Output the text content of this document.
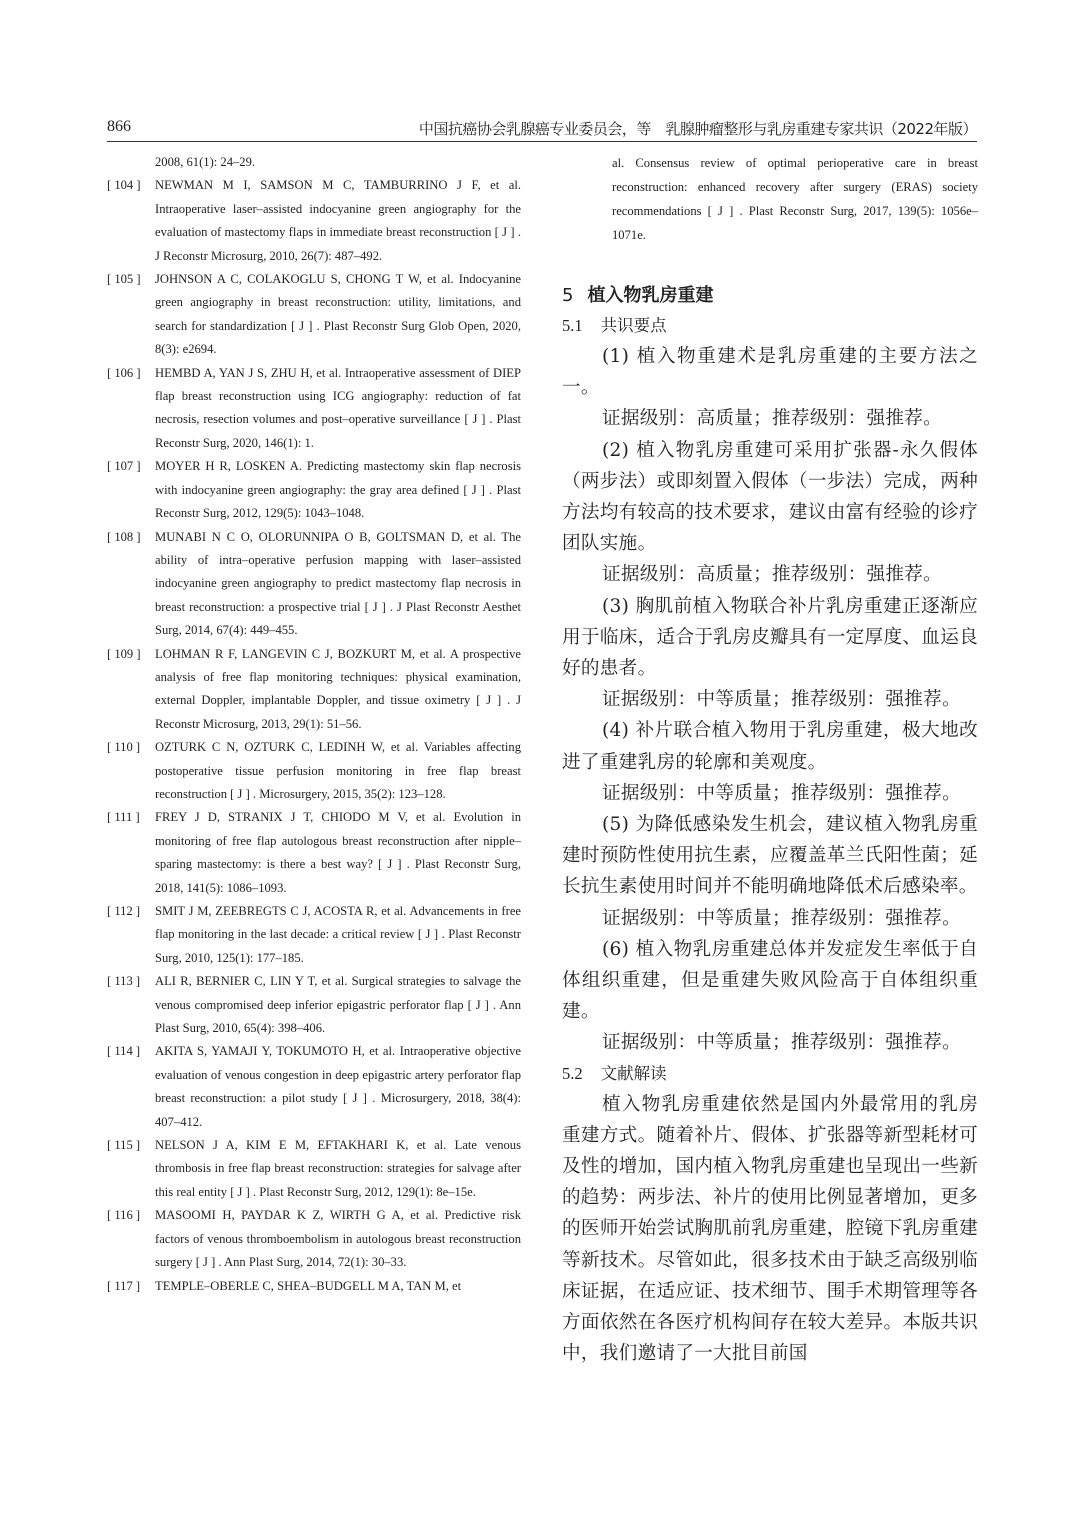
866	中国抗癌协会乳腺癌专业委员会，等　乳腺肿瘤整形与乳房重建专家共识（2022年版）
2008, 61(1): 24–29.
[ 104 ] NEWMAN M I, SAMSON M C, TAMBURRINO J F, et al. Intraoperative laser–assisted indocyanine green angiography for the evaluation of mastectomy flaps in immediate breast reconstruction [ J ] . J Reconstr Microsurg, 2010, 26(7): 487–492.
[ 105 ] JOHNSON A C, COLAKOGLU S, CHONG T W, et al. Indocyanine green angiography in breast reconstruction: utility, limitations, and search for standardization [ J ] . Plast Reconstr Surg Glob Open, 2020, 8(3): e2694.
[ 106 ] HEMBD A, YAN J S, ZHU H, et al. Intraoperative assessment of DIEP flap breast reconstruction using ICG angiography: reduction of fat necrosis, resection volumes and post–operative surveillance [ J ] . Plast Reconstr Surg, 2020, 146(1): 1.
[ 107 ] MOYER H R, LOSKEN A. Predicting mastectomy skin flap necrosis with indocyanine green angiography: the gray area defined [ J ] . Plast Reconstr Surg, 2012, 129(5): 1043–1048.
[ 108 ] MUNABI N C O, OLORUNNIPA O B, GOLTSMAN D, et al. The ability of intra–operative perfusion mapping with laser–assisted indocyanine green angiography to predict mastectomy flap necrosis in breast reconstruction: a prospective trial [ J ] . J Plast Reconstr Aesthet Surg, 2014, 67(4): 449–455.
[ 109 ] LOHMAN R F, LANGEVIN C J, BOZKURT M, et al. A prospective analysis of free flap monitoring techniques: physical examination, external Doppler, implantable Doppler, and tissue oximetry [ J ] . J Reconstr Microsurg, 2013, 29(1): 51–56.
[ 110 ] OZTURK C N, OZTURK C, LEDINH W, et al. Variables affecting postoperative tissue perfusion monitoring in free flap breast reconstruction [ J ] . Microsurgery, 2015, 35(2): 123–128.
[ 111 ] FREY J D, STRANIX J T, CHIODO M V, et al. Evolution in monitoring of free flap autologous breast reconstruction after nipple–sparing mastectomy: is there a best way? [ J ] . Plast Reconstr Surg, 2018, 141(5): 1086–1093.
[ 112 ] SMIT J M, ZEEBREGTS C J, ACOSTA R, et al. Advancements in free flap monitoring in the last decade: a critical review [ J ] . Plast Reconstr Surg, 2010, 125(1): 177–185.
[ 113 ] ALI R, BERNIER C, LIN Y T, et al. Surgical strategies to salvage the venous compromised deep inferior epigastric perforator flap [ J ] . Ann Plast Surg, 2010, 65(4): 398–406.
[ 114 ] AKITA S, YAMAJI Y, TOKUMOTO H, et al. Intraoperative objective evaluation of venous congestion in deep epigastric artery perforator flap breast reconstruction: a pilot study [ J ] . Microsurgery, 2018, 38(4): 407–412.
[ 115 ] NELSON J A, KIM E M, EFTAKHARI K, et al. Late venous thrombosis in free flap breast reconstruction: strategies for salvage after this real entity [ J ] . Plast Reconstr Surg, 2012, 129(1): 8e–15e.
[ 116 ] MASOOMI H, PAYDAR K Z, WIRTH G A, et al. Predictive risk factors of venous thromboembolism in autologous breast reconstruction surgery [ J ] . Ann Plast Surg, 2014, 72(1): 30–33.
[ 117 ] TEMPLE–OBERLE C, SHEA–BUDGELL M A, TAN M, et
al. Consensus review of optimal perioperative care in breast reconstruction: enhanced recovery after surgery (ERAS) society recommendations [ J ] . Plast Reconstr Surg, 2017, 139(5): 1056e–1071e.
5 植入物乳房重建
5.1 共识要点
(1) 植入物重建术是乳房重建的主要方法之一。
证据级别：高质量；推荐级别：强推荐。
(2) 植入物乳房重建可采用扩张器-永久假体（两步法）或即刻置入假体（一步法）完成，两种方法均有较高的技术要求，建议由富有经验的诊疗团队实施。
证据级别：高质量；推荐级别：强推荐。
(3) 胸肌前植入物联合补片乳房重建正逐渐应用于临床，适合于乳房皮瓣具有一定厚度、血运良好的患者。
证据级别：中等质量；推荐级别：强推荐。
(4) 补片联合植入物用于乳房重建，极大地改进了重建乳房的轮廓和美观度。
证据级别：中等质量；推荐级别：强推荐。
(5) 为降低感染发生机会，建议植入物乳房重建时预防性使用抗生素，应覆盖革兰氏阳性菌；延长抗生素使用时间并不能明确地降低术后感染率。
证据级别：中等质量；推荐级别：强推荐。
(6) 植入物乳房重建总体并发症发生率低于自体组织重建，但是重建失败风险高于自体组织重建。
证据级别：中等质量；推荐级别：强推荐。
5.2 文献解读
植入物乳房重建依然是国内外最常用的乳房重建方式。随着补片、假体、扩张器等新型耗材可及性的增加，国内植入物乳房重建也呈现出一些新的趋势：两步法、补片的使用比例显著增加，更多的医师开始尝试胸肌前乳房重建，腔镜下乳房重建等新技术。尽管如此，很多技术由于缺乏高级别临床证据，在适应证、技术细节、围手术期管理等各方面依然在各医疗机构间存在较大差异。本版共识中，我们邀请了一大批目前国
